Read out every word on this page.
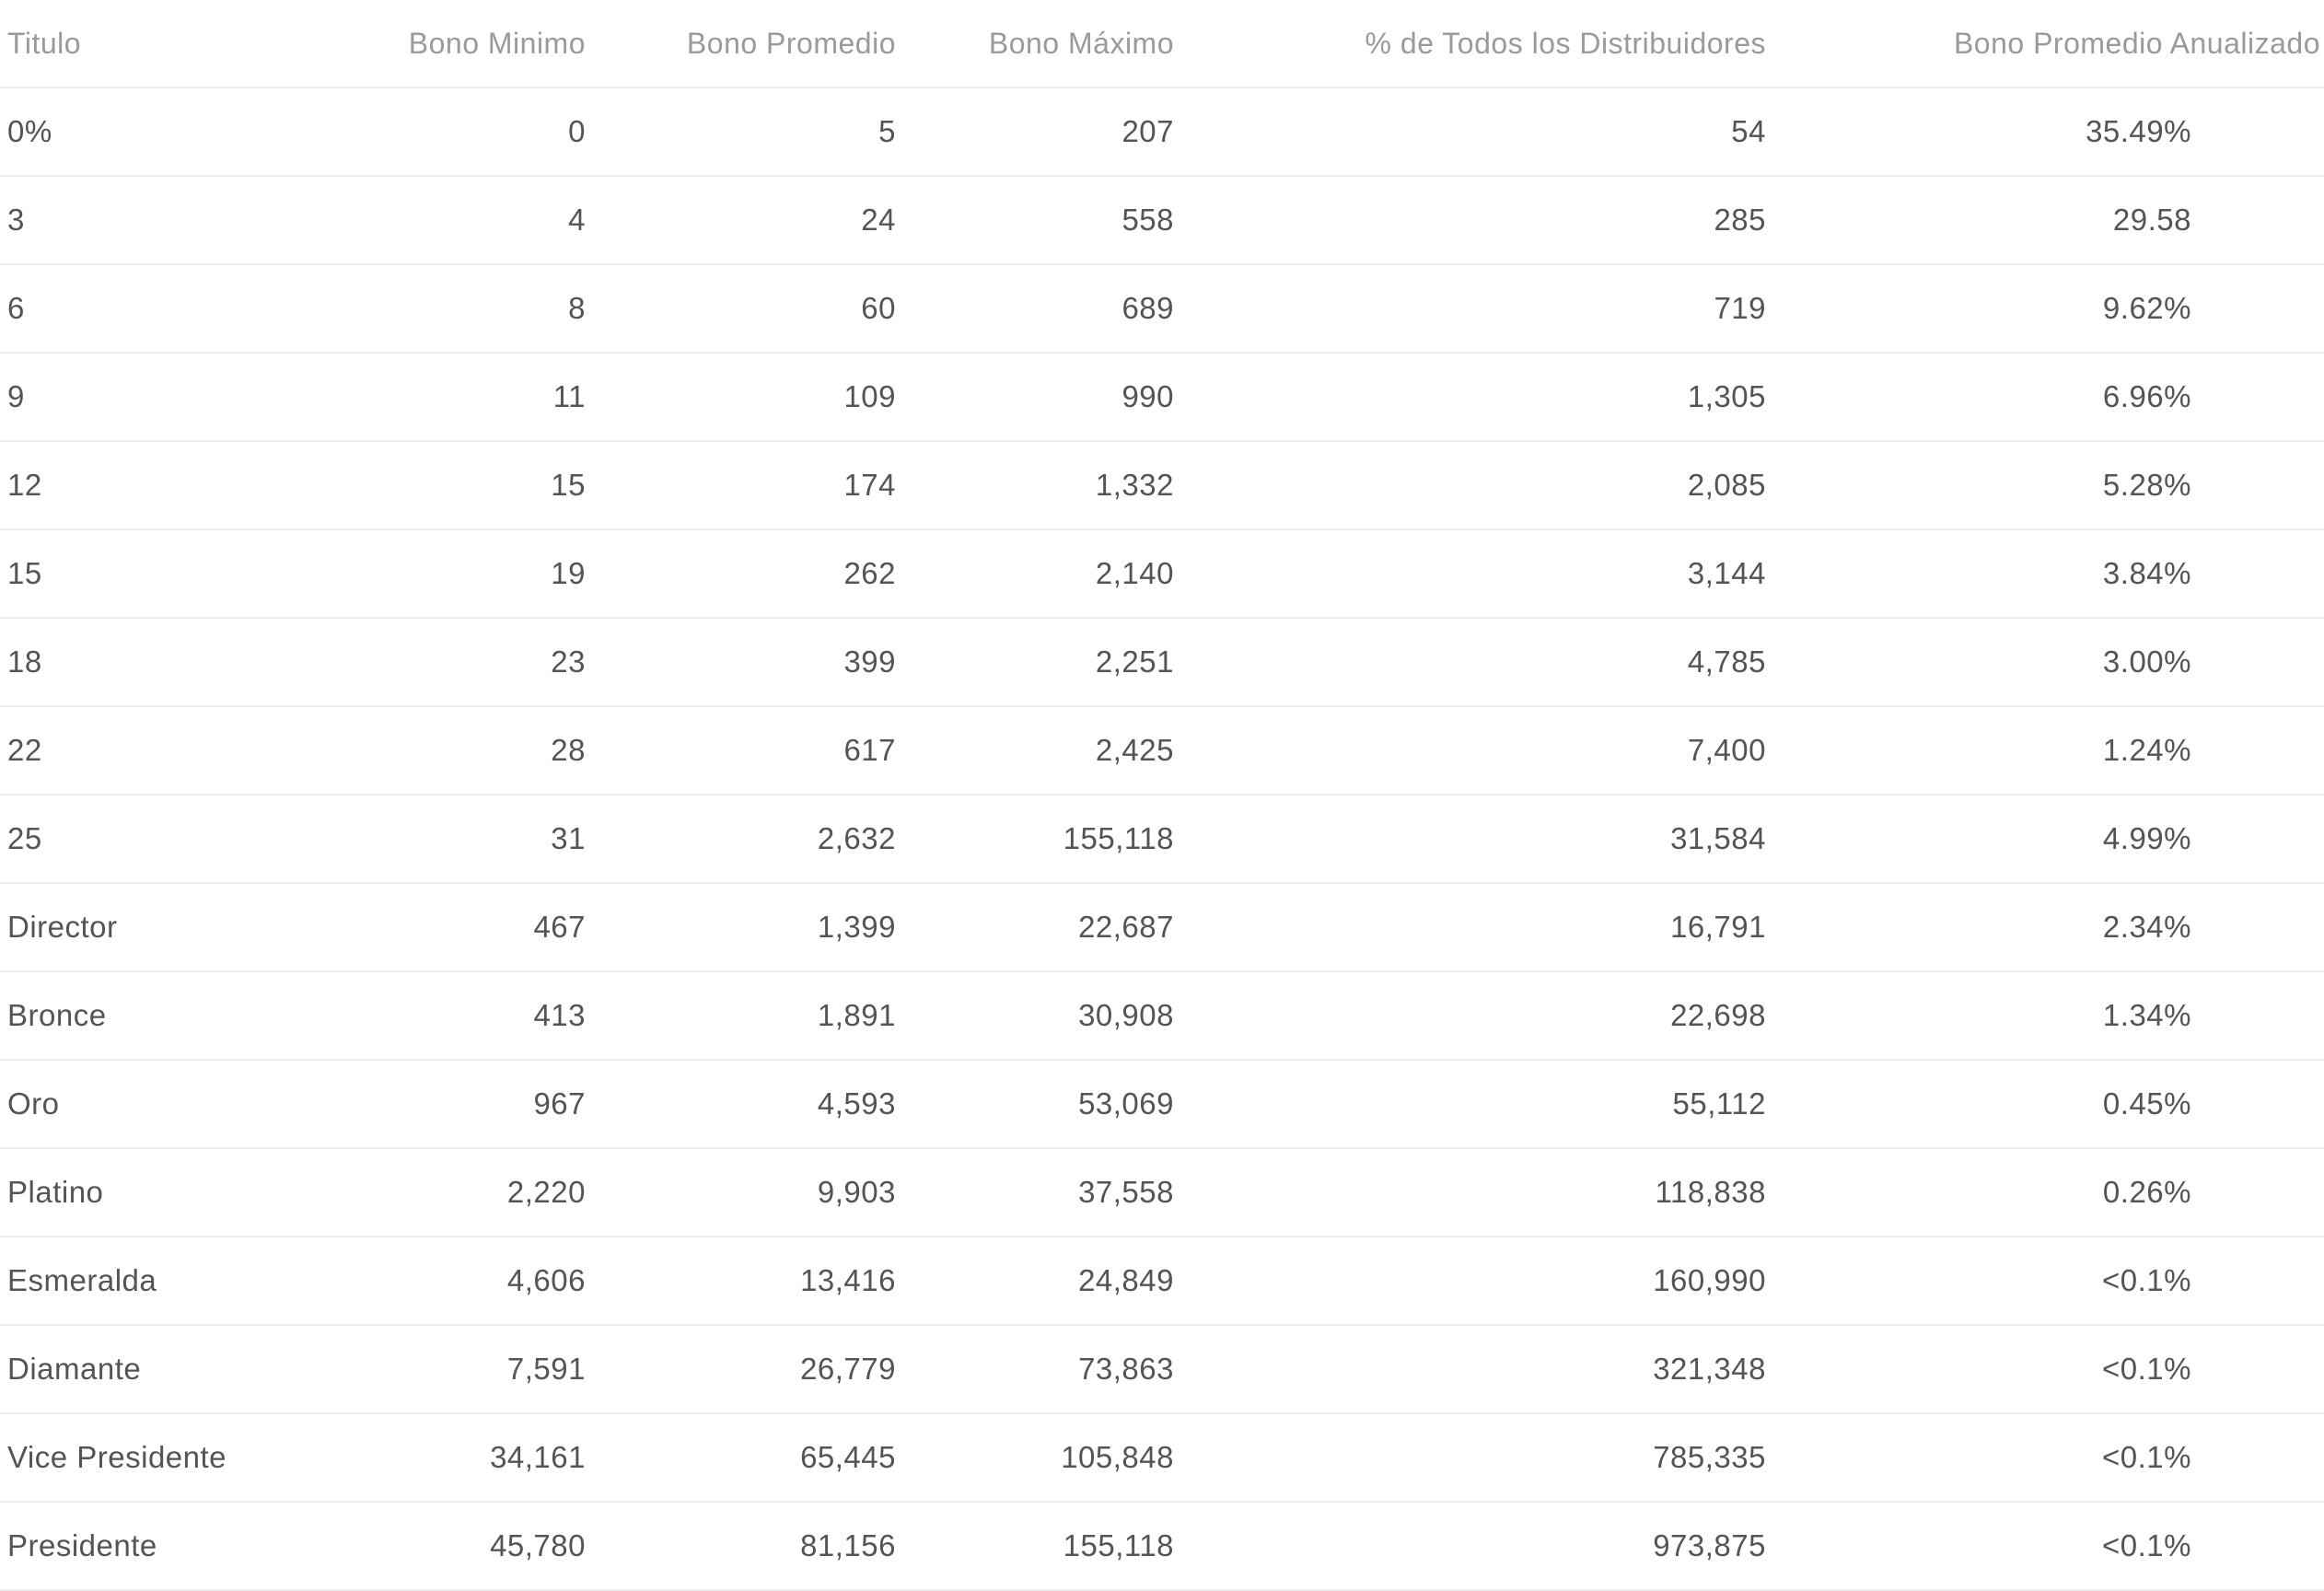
Titulo	Bono Minimo	Bono Promedio	Bono Máximo	% de Todos los Distribuidores	Bono Promedio Anualizado
0%	0	5	207	54	35.49%
3	4	24	558	285	29.58
6	8	60	689	719	9.62%
9	11	109	990	1,305	6.96%
12	15	174	1,332	2,085	5.28%
15	19	262	2,140	3,144	3.84%
18	23	399	2,251	4,785	3.00%
22	28	617	2,425	7,400	1.24%
25	31	2,632	155,118	31,584	4.99%
Director	467	1,399	22,687	16,791	2.34%
Bronce	413	1,891	30,908	22,698	1.34%
Oro	967	4,593	53,069	55,112	0.45%
Platino	2,220	9,903	37,558	118,838	0.26%
Esmeralda	4,606	13,416	24,849	160,990	<0.1%
Diamante	7,591	26,779	73,863	321,348	<0.1%
Vice Presidente	34,161	65,445	105,848	785,335	<0.1%
Presidente	45,780	81,156	155,118	973,875	<0.1%
